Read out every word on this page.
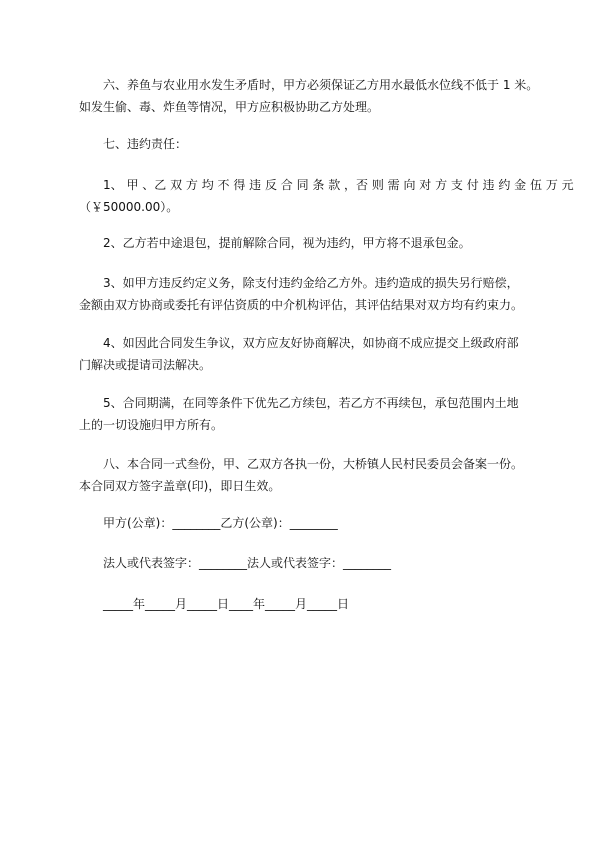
六、养鱼与农业用水发生矛盾时，甲方必须保证乙方用水最低水位线不低于 1 米。
如发生偷、毒、炸鱼等情况，甲方应积极协助乙方处理。
七、违约责任：
1、 甲 、乙 双 方 均 不 得 违 反 合 同 条 款 ，否 则 需 向 对 方 支 付 违 约 金 伍 万 元
（￥50000.00）。
2、乙方若中途退包，提前解除合同，视为违约，甲方将不退承包金。
3、如甲方违反约定义务，除支付违约金给乙方外。违约造成的损失另行赔偿，
金额由双方协商或委托有评估资质的中介机构评估，其评估结果对双方均有约束力。
4、如因此合同发生争议，双方应友好协商解决，如协商不成应提交上级政府部
门解决或提请司法解决。
5、合同期满，在同等条件下优先乙方续包，若乙方不再续包，承包范围内土地
上的一切设施归甲方所有。
八、本合同一式叁份，甲、乙双方各执一份，大桥镇人民村民委员会备案一份。
本合同双方签字盖章(印)，即日生效。
甲方(公章)：________乙方(公章)：________
法人或代表签字：________法人或代表签字：________
_____年_____月_____日____年_____月_____日
